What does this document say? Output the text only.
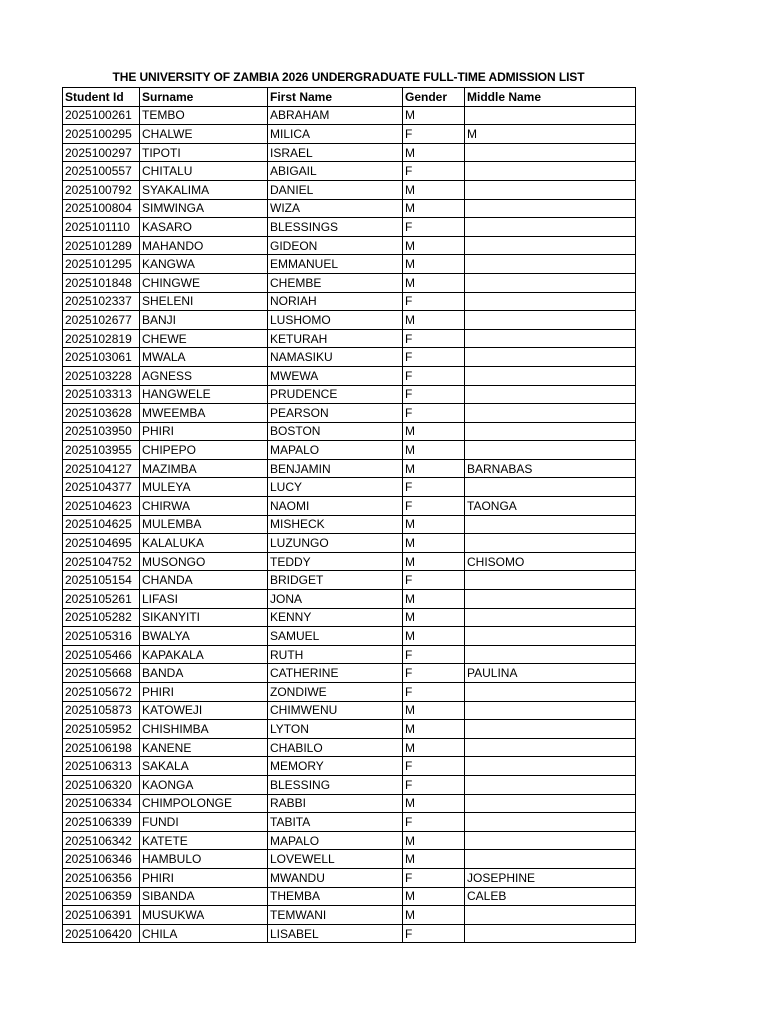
THE UNIVERSITY OF ZAMBIA 2026 UNDERGRADUATE FULL-TIME ADMISSION LIST
Student Id	Surname	First Name	Gender	Middle Name
2025100261	TEMBO	ABRAHAM	M	
2025100295	CHALWE	MILICA	F	M
2025100297	TIPOTI	ISRAEL	M	
2025100557	CHITALU	ABIGAIL	F	
2025100792	SYAKALIMA	DANIEL	M	
2025100804	SIMWINGA	WIZA	M	
2025101110	KASARO	BLESSINGS	F	
2025101289	MAHANDO	GIDEON	M	
2025101295	KANGWA	EMMANUEL	M	
2025101848	CHINGWE	CHEMBE	M	
2025102337	SHELENI	NORIAH	F	
2025102677	BANJI	LUSHOMO	M	
2025102819	CHEWE	KETURAH	F	
2025103061	MWALA	NAMASIKU	F	
2025103228	AGNESS	MWEWA	F	
2025103313	HANGWELE	PRUDENCE	F	
2025103628	MWEEMBA	PEARSON	F	
2025103950	PHIRI	BOSTON	M	
2025103955	CHIPEPO	MAPALO	M	
2025104127	MAZIMBA	BENJAMIN	M	BARNABAS
2025104377	MULEYA	LUCY	F	
2025104623	CHIRWA	NAOMI	F	TAONGA
2025104625	MULEMBA	MISHECK	M	
2025104695	KALALUKA	LUZUNGO	M	
2025104752	MUSONGO	TEDDY	M	CHISOMO
2025105154	CHANDA	BRIDGET	F	
2025105261	LIFASI	JONA	M	
2025105282	SIKANYITI	KENNY	M	
2025105316	BWALYA	SAMUEL	M	
2025105466	KAPAKALA	RUTH	F	
2025105668	BANDA	CATHERINE	F	PAULINA
2025105672	PHIRI	ZONDIWE	F	
2025105873	KATOWEJI	CHIMWENU	M	
2025105952	CHISHIMBA	LYTON	M	
2025106198	KANENE	CHABILO	M	
2025106313	SAKALA	MEMORY	F	
2025106320	KAONGA	BLESSING	F	
2025106334	CHIMPOLONGE	RABBI	M	
2025106339	FUNDI	TABITA	F	
2025106342	KATETE	MAPALO	M	
2025106346	HAMBULO	LOVEWELL	M	
2025106356	PHIRI	MWANDU	F	JOSEPHINE
2025106359	SIBANDA	THEMBA	M	CALEB
2025106391	MUSUKWA	TEMWANI	M	
2025106420	CHILA	LISABEL	F	
